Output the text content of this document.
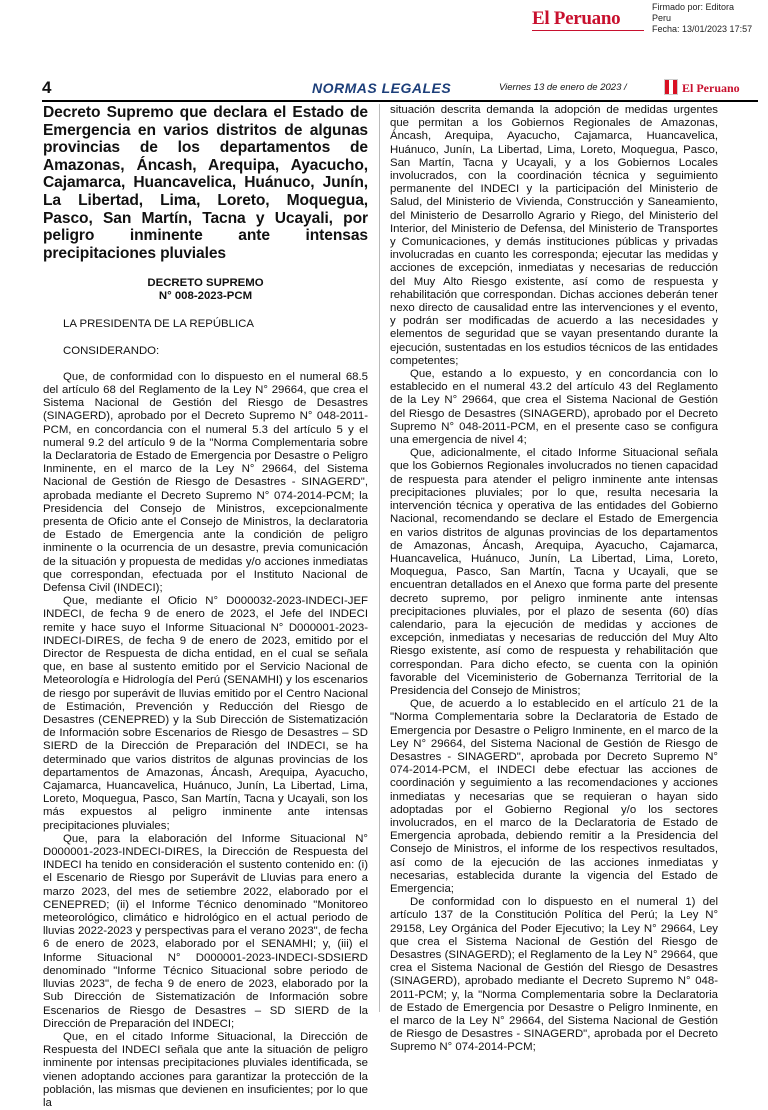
El Peruano
Firmado por: Editora
Peru
Fecha: 13/01/2023 17:57
4	NORMAS LEGALES	Viernes 13 de enero de 2023 /	El Peruano
Decreto Supremo que declara el Estado de Emergencia en varios distritos de algunas provincias de los departamentos de Amazonas, Áncash, Arequipa, Ayacucho, Cajamarca, Huancavelica, Huánuco, Junín, La Libertad, Lima, Loreto, Moquegua, Pasco, San Martín, Tacna y Ucayali, por peligro inminente ante intensas precipitaciones pluviales
DECRETO SUPREMO
N° 008-2023-PCM
LA PRESIDENTA DE LA REPÚBLICA
CONSIDERANDO:

Que, de conformidad con lo dispuesto en el numeral 68.5 del artículo 68 del Reglamento de la Ley N° 29664, que crea el Sistema Nacional de Gestión del Riesgo de Desastres (SINAGERD), aprobado por el Decreto Supremo N° 048-2011-PCM, en concordancia con el numeral 5.3 del artículo 5 y el numeral 9.2 del artículo 9 de la "Norma Complementaria sobre la Declaratoria de Estado de Emergencia por Desastre o Peligro Inminente, en el marco de la Ley N° 29664, del Sistema Nacional de Gestión de Riesgo de Desastres - SINAGERD", aprobada mediante el Decreto Supremo N° 074-2014-PCM; la Presidencia del Consejo de Ministros, excepcionalmente presenta de Oficio ante el Consejo de Ministros, la declaratoria de Estado de Emergencia ante la condición de peligro inminente o la ocurrencia de un desastre, previa comunicación de la situación y propuesta de medidas y/o acciones inmediatas que correspondan, efectuada por el Instituto Nacional de Defensa Civil (INDECI);

Que, mediante el Oficio N° D000032-2023-INDECI-JEF INDECI, de fecha 9 de enero de 2023, el Jefe del INDECI remite y hace suyo el Informe Situacional N° D000001-2023-INDECI-DIRES, de fecha 9 de enero de 2023, emitido por el Director de Respuesta de dicha entidad, en el cual se señala que, en base al sustento emitido por el Servicio Nacional de Meteorología e Hidrología del Perú (SENAMHI) y los escenarios de riesgo por superávit de lluvias emitido por el Centro Nacional de Estimación, Prevención y Reducción del Riesgo de Desastres (CENEPRED) y la Sub Dirección de Sistematización de Información sobre Escenarios de Riesgo de Desastres – SD SIERD de la Dirección de Preparación del INDECI, se ha determinado que varios distritos de algunas provincias de los departamentos de Amazonas, Áncash, Arequipa, Ayacucho, Cajamarca, Huancavelica, Huánuco, Junín, La Libertad, Lima, Loreto, Moquegua, Pasco, San Martín, Tacna y Ucayali, son los más expuestos al peligro inminente ante intensas precipitaciones pluviales;

Que, para la elaboración del Informe Situacional N° D000001-2023-INDECI-DIRES, la Dirección de Respuesta del INDECI ha tenido en consideración el sustento contenido en: (i) el Escenario de Riesgo por Superávit de Lluvias para enero a marzo 2023, del mes de setiembre 2022, elaborado por el CENEPRED; (ii) el Informe Técnico denominado "Monitoreo meteorológico, climático e hidrológico en el actual periodo de lluvias 2022-2023 y perspectivas para el verano 2023", de fecha 6 de enero de 2023, elaborado por el SENAMHI; y, (iii) el Informe Situacional N° D000001-2023-INDECI-SDSIERD denominado "Informe Técnico Situacional sobre periodo de lluvias 2023", de fecha 9 de enero de 2023, elaborado por la Sub Dirección de Sistematización de Información sobre Escenarios de Riesgo de Desastres – SD SIERD de la Dirección de Preparación del INDECI;

Que, en el citado Informe Situacional, la Dirección de Respuesta del INDECI señala que ante la situación de peligro inminente por intensas precipitaciones pluviales identificada, se vienen adoptando acciones para garantizar la protección de la población, las mismas que devienen en insuficientes; por lo que la

situación descrita demanda la adopción de medidas urgentes que permitan a los Gobiernos Regionales de Amazonas, Áncash, Arequipa, Ayacucho, Cajamarca, Huancavelica, Huánuco, Junín, La Libertad, Lima, Loreto, Moquegua, Pasco, San Martín, Tacna y Ucayali, y a los Gobiernos Locales involucrados, con la coordinación técnica y seguimiento permanente del INDECI y la participación del Ministerio de Salud, del Ministerio de Vivienda, Construcción y Saneamiento, del Ministerio de Desarrollo Agrario y Riego, del Ministerio del Interior, del Ministerio de Defensa, del Ministerio de Transportes y Comunicaciones, y demás instituciones públicas y privadas involucradas en cuanto les corresponda; ejecutar las medidas y acciones de excepción, inmediatas y necesarias de reducción del Muy Alto Riesgo existente, así como de respuesta y rehabilitación que correspondan. Dichas acciones deberán tener nexo directo de causalidad entre las intervenciones y el evento, y podrán ser modificadas de acuerdo a las necesidades y elementos de seguridad que se vayan presentando durante la ejecución, sustentadas en los estudios técnicos de las entidades competentes;

Que, estando a lo expuesto, y en concordancia con lo establecido en el numeral 43.2 del artículo 43 del Reglamento de la Ley N° 29664, que crea el Sistema Nacional de Gestión del Riesgo de Desastres (SINAGERD), aprobado por el Decreto Supremo N° 048-2011-PCM, en el presente caso se configura una emergencia de nivel 4;

Que, adicionalmente, el citado Informe Situacional señala que los Gobiernos Regionales involucrados no tienen capacidad de respuesta para atender el peligro inminente ante intensas precipitaciones pluviales; por lo que, resulta necesaria la intervención técnica y operativa de las entidades del Gobierno Nacional, recomendando se declare el Estado de Emergencia en varios distritos de algunas provincias de los departamentos de Amazonas, Áncash, Arequipa, Ayacucho, Cajamarca, Huancavelica, Huánuco, Junín, La Libertad, Lima, Loreto, Moquegua, Pasco, San Martín, Tacna y Ucayali, que se encuentran detallados en el Anexo que forma parte del presente decreto supremo, por peligro inminente ante intensas precipitaciones pluviales, por el plazo de sesenta (60) días calendario, para la ejecución de medidas y acciones de excepción, inmediatas y necesarias de reducción del Muy Alto Riesgo existente, así como de respuesta y rehabilitación que correspondan. Para dicho efecto, se cuenta con la opinión favorable del Viceministerio de Gobernanza Territorial de la Presidencia del Consejo de Ministros;

Que, de acuerdo a lo establecido en el artículo 21 de la "Norma Complementaria sobre la Declaratoria de Estado de Emergencia por Desastre o Peligro Inminente, en el marco de la Ley N° 29664, del Sistema Nacional de Gestión de Riesgo de Desastres - SINAGERD", aprobada por Decreto Supremo N° 074-2014-PCM, el INDECI debe efectuar las acciones de coordinación y seguimiento a las recomendaciones y acciones inmediatas y necesarias que se requieran o hayan sido adoptadas por el Gobierno Regional y/o los sectores involucrados, en el marco de la Declaratoria de Estado de Emergencia aprobada, debiendo remitir a la Presidencia del Consejo de Ministros, el informe de los respectivos resultados, así como de la ejecución de las acciones inmediatas y necesarias, establecida durante la vigencia del Estado de Emergencia;

De conformidad con lo dispuesto en el numeral 1) del artículo 137 de la Constitución Política del Perú; la Ley N° 29158, Ley Orgánica del Poder Ejecutivo; la Ley N° 29664, Ley que crea el Sistema Nacional de Gestión del Riesgo de Desastres (SINAGERD); el Reglamento de la Ley N° 29664, que crea el Sistema Nacional de Gestión del Riesgo de Desastres (SINAGERD), aprobado mediante el Decreto Supremo N° 048-2011-PCM; y, la "Norma Complementaria sobre la Declaratoria de Estado de Emergencia por Desastre o Peligro Inminente, en el marco de la Ley N° 29664, del Sistema Nacional de Gestión de Riesgo de Desastres - SINAGERD", aprobada por el Decreto Supremo N° 074-2014-PCM;
